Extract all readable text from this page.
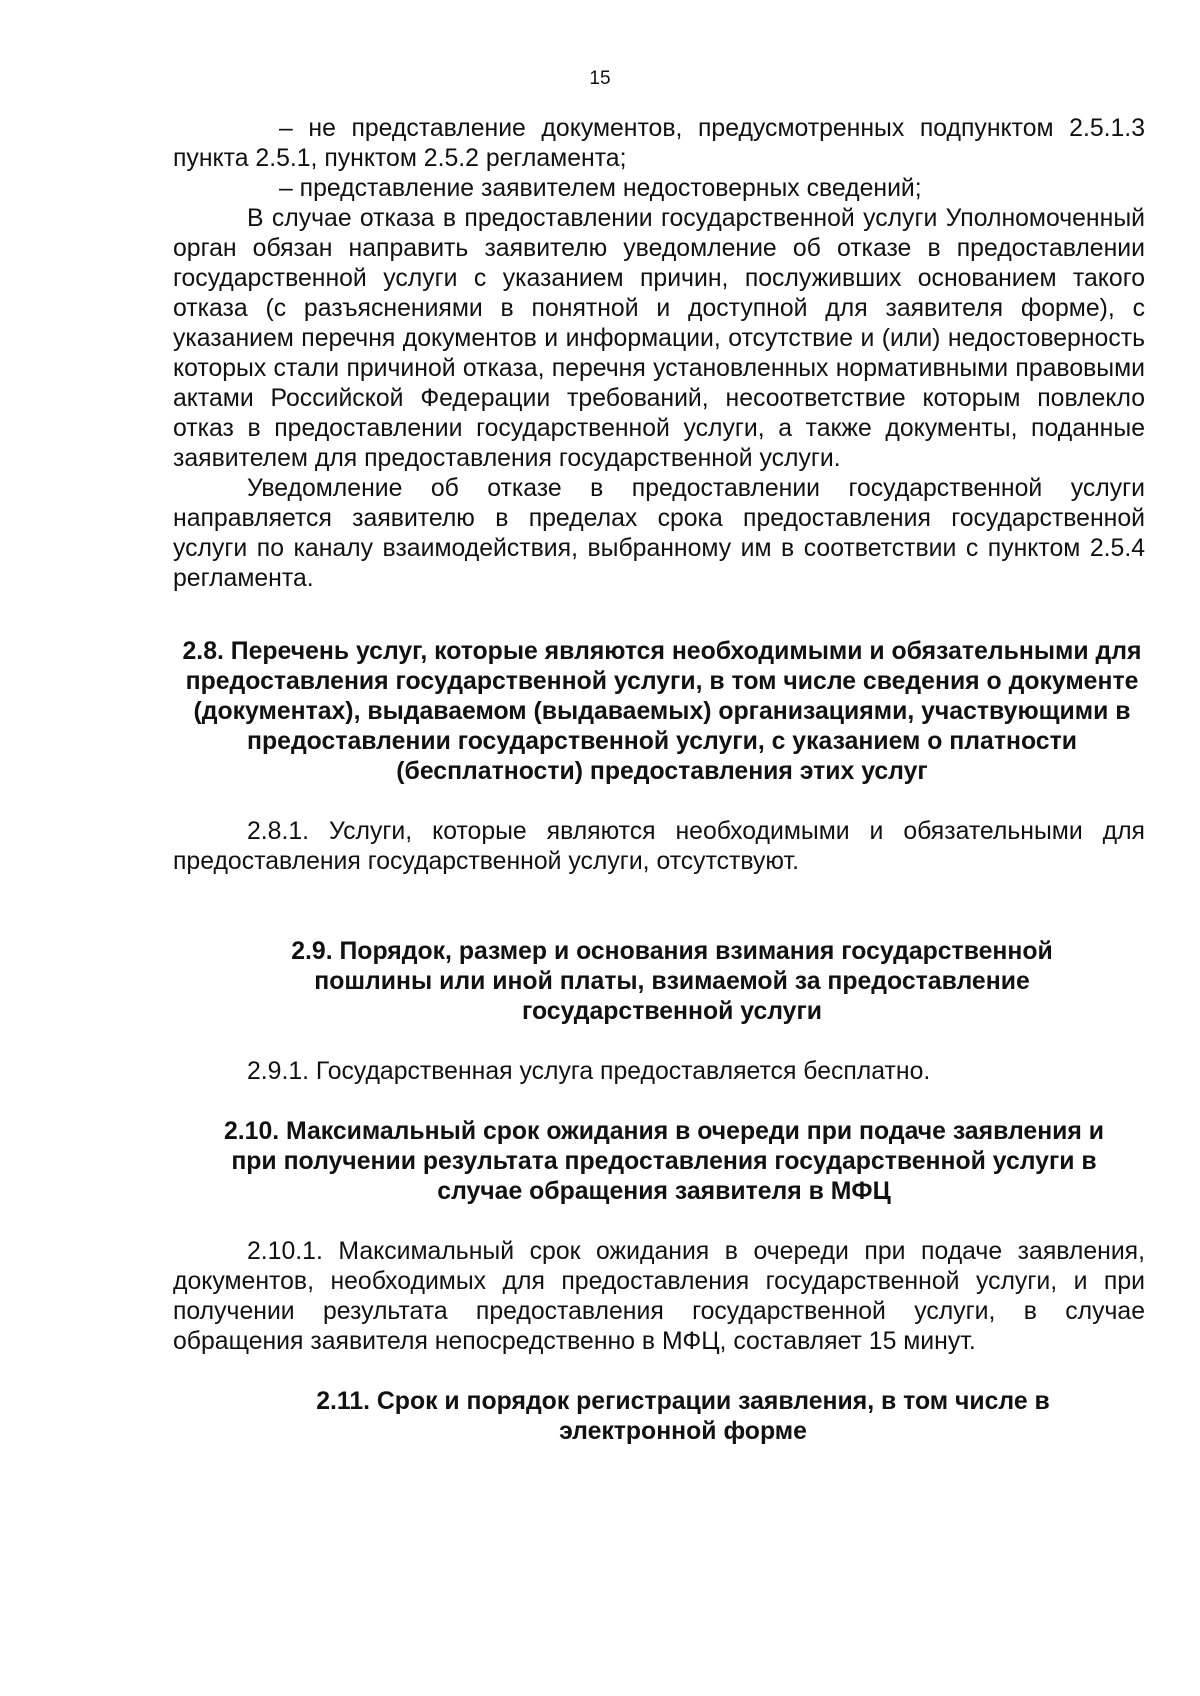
15

– не представление документов, предусмотренных подпунктом 2.5.1.3 пункта 2.5.1, пунктом 2.5.2 регламента;

– представление заявителем недостоверных сведений;

В случае отказа в предоставлении государственной услуги Уполномоченный орган обязан направить заявителю уведомление об отказе в предоставлении государственной услуги с указанием причин, послуживших основанием такого отказа (с разъяснениями в понятной и доступной для заявителя форме), с указанием перечня документов и информации, отсутствие и (или) недостоверность которых стали причиной отказа, перечня установленных нормативными правовыми актами Российской Федерации требований, несоответствие которым повлекло отказ в предоставлении государственной услуги, а также документы, поданные заявителем для предоставления государственной услуги.

Уведомление об отказе в предоставлении государственной услуги направляется заявителю в пределах срока предоставления государственной услуги по каналу взаимодействия, выбранному им в соответствии с пунктом 2.5.4 регламента.

2.8. Перечень услуг, которые являются необходимыми и обязательными для предоставления государственной услуги, в том числе сведения о документе (документах), выдаваемом (выдаваемых) организациями, участвующими в предоставлении государственной услуги, с указанием о платности (бесплатности) предоставления этих услуг

2.8.1. Услуги, которые являются необходимыми и обязательными для предоставления государственной услуги, отсутствуют.

2.9. Порядок, размер и основания взимания государственной пошлины или иной платы, взимаемой за предоставление государственной услуги

2.9.1. Государственная услуга предоставляется бесплатно.

2.10. Максимальный срок ожидания в очереди при подаче заявления и при получении результата предоставления государственной услуги в случае обращения заявителя в МФЦ

2.10.1. Максимальный срок ожидания в очереди при подаче заявления, документов, необходимых для предоставления государственной услуги, и при получении результата предоставления государственной услуги, в случае обращения заявителя непосредственно в МФЦ, составляет 15 минут.

2.11. Срок и порядок регистрации заявления, в том числе в электронной форме
